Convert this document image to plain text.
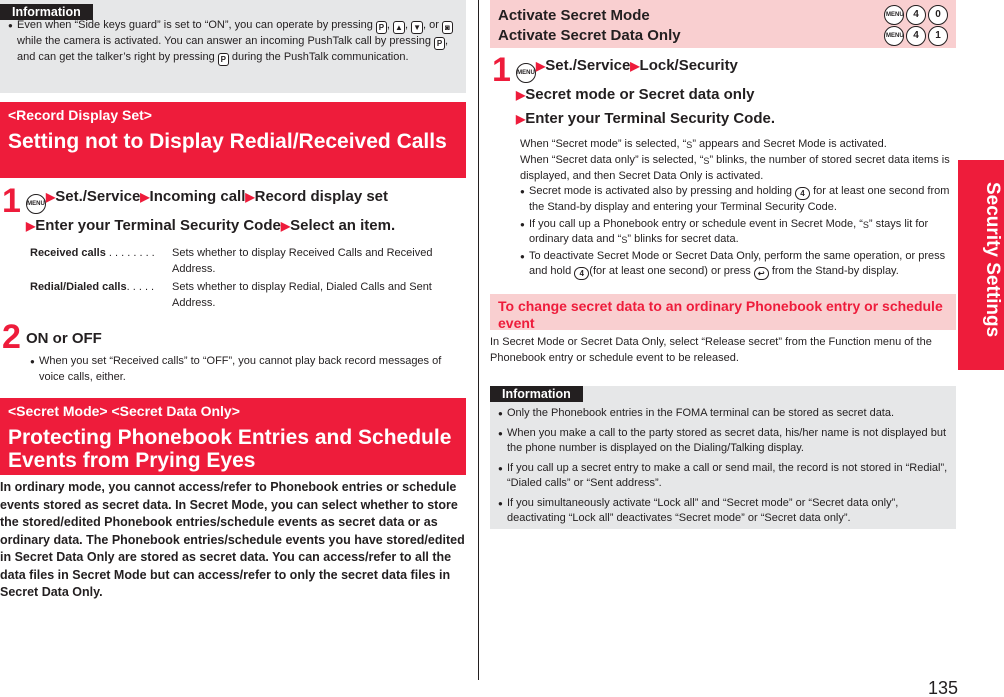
Information
● Even when “Side keys guard” is set to “ON”, you can operate by pressing P , ▲ , ▼ , or ◙ while the camera is activated. You can answer an incoming PushTalk call by pressing P , and can get the talker’s right by pressing P during the PushTalk communication.
<Record Display Set>
Setting not to Display Redial/Received Calls
1 MENU▶Set./Service▶Incoming call▶Record display set
▶Enter your Terminal Security Code▶Select an item.
Received calls . . . . . . . .	Sets whether to display Received Calls and Received Address.
Redial/Dialed calls. . . . .	Sets whether to display Redial, Dialed Calls and Sent Address.
2 ON or OFF
● When you set “Received calls” to “OFF”, you cannot play back record messages of voice calls, either.
<Secret Mode> <Secret Data Only>
Protecting Phonebook Entries and Schedule Events from Prying Eyes
In ordinary mode, you cannot access/refer to Phonebook entries or schedule events stored as secret data. In Secret Mode, you can select whether to store the stored/edited Phonebook entries/schedule events as secret data or as ordinary data. The Phonebook entries/schedule events you have stored/edited in Secret Data Only are stored as secret data. You can access/refer to all the data files in Secret Mode but can access/refer to only the secret data files in Secret Data Only.
Activate Secret Mode
Activate Secret Data Only
MENU 4	0
MENU 4	1
1 MENU▶Set./Service▶Lock/Security
▶Secret mode or Secret data only
▶Enter your Terminal Security Code.
When “Secret mode” is selected, “S” appears and Secret Mode is activated.
When “Secret data only” is selected, “S” blinks, the number of stored secret data items is displayed, and then Secret Data Only is activated.
● Secret mode is activated also by pressing and holding 4 for at least one second from the Stand-by display and entering your Terminal Security Code.
● If you call up a Phonebook entry or schedule event in Secret Mode, “S” stays lit for ordinary data and “S” blinks for secret data.
● To deactivate Secret Mode or Secret Data Only, perform the same operation, or press and hold 4 (for at least one second) or press ↩ from the Stand-by display.
To change secret data to an ordinary Phonebook entry or schedule event
In Secret Mode or Secret Data Only, select “Release secret” from the Function menu of the Phonebook entry or schedule event to be released.
Information
● Only the Phonebook entries in the FOMA terminal can be stored as secret data.
● When you make a call to the party stored as secret data, his/her name is not displayed but the phone number is displayed on the Dialing/Talking display.
● If you call up a secret entry to make a call or send mail, the record is not stored in “Redial”, “Dialed calls” or “Sent address”.
● If you simultaneously activate “Lock all” and “Secret mode” or “Secret data only”, deactivating “Lock all” deactivates “Secret mode” or “Secret data only”.
Security Settings
135
